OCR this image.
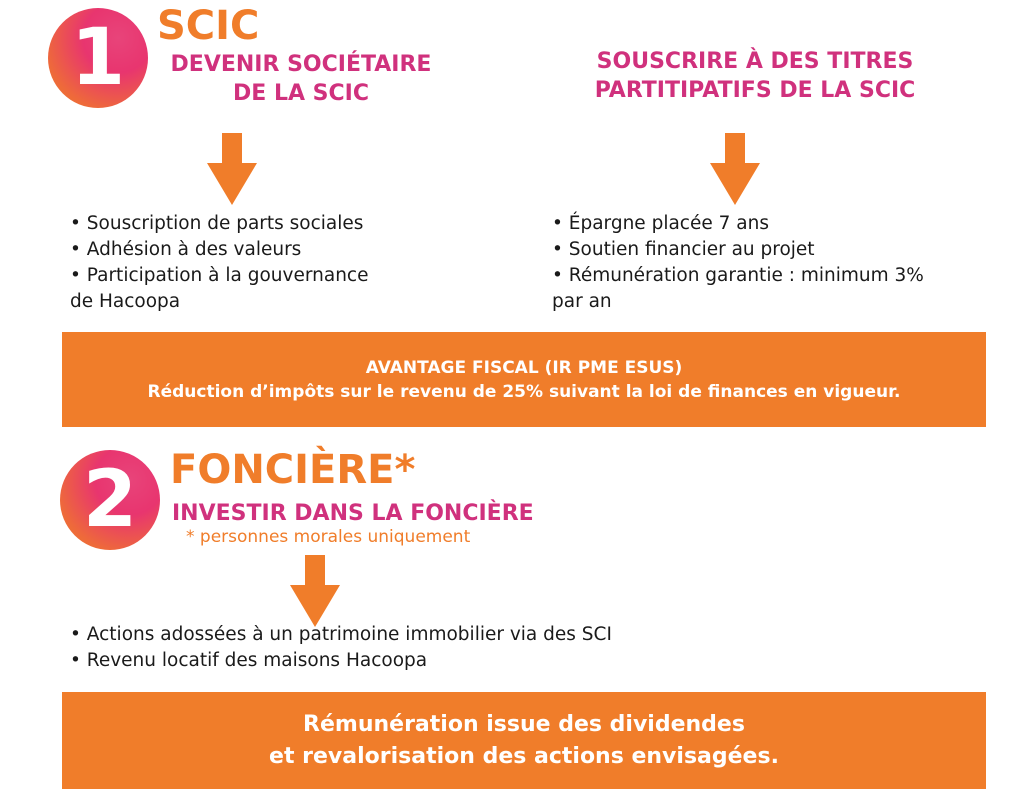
1 SCIC
DEVENIR SOCIÉTAIRE
DE LA SCIC
SOUSCRIRE À DES TITRES
PARTITIPATIFS DE LA SCIC
• Souscription de parts sociales
• Adhésion à des valeurs
• Participation à la gouvernance
de Hacoopa
• Épargne placée 7 ans
• Soutien financier au projet
• Rémunération garantie : minimum 3%
par an
AVANTAGE FISCAL (IR PME ESUS)
Réduction d’impôts sur le revenu de 25% suivant la loi de finances en vigueur.
2 FONCIÈRE*
INVESTIR DANS LA FONCIÈRE
* personnes morales uniquement
• Actions adossées à un patrimoine immobilier via des SCI
• Revenu locatif des maisons Hacoopa
Rémunération issue des dividendes
et revalorisation des actions envisagées.
